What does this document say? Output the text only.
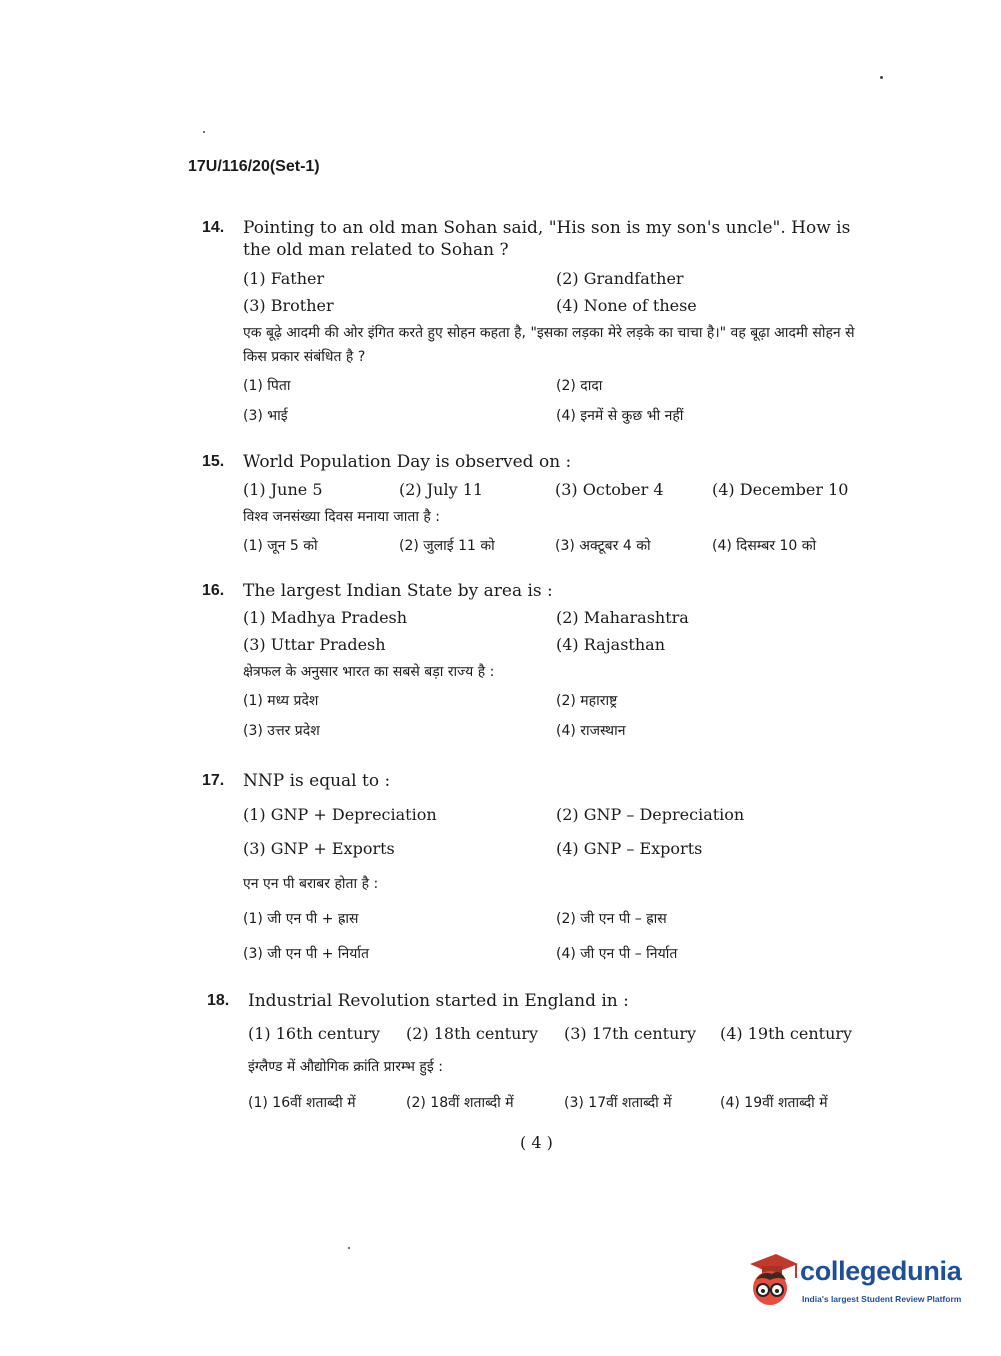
17U/116/20(Set-1)
14.	Pointing to an old man Sohan said, "His son is my son's uncle". How is the old man related to Sohan ?
(1) Father	(2) Grandfather
(3) Brother	(4) None of these
एक बूढ़े आदमी की ओर इंगित करते हुए सोहन कहता है, "इसका लड़का मेरे लड़के का चाचा है।" वह बूढ़ा आदमी सोहन से किस प्रकार संबंधित है ?
(1) पिता	(2) दादा
(3) भाई	(4) इनमें से कुछ भी नहीं
15.	World Population Day is observed on :
(1) June 5	(2) July 11	(3) October 4	(4) December 10
विश्व जनसंख्या दिवस मनाया जाता है :
(1) जून 5 को	(2) जुलाई 11 को	(3) अक्टूबर 4 को	(4) दिसम्बर 10 को
16.	The largest Indian State by area is :
(1) Madhya Pradesh	(2) Maharashtra
(3) Uttar Pradesh	(4) Rajasthan
क्षेत्रफल के अनुसार भारत का सबसे बड़ा राज्य है :
(1) मध्य प्रदेश	(2) महाराष्ट्र
(3) उत्तर प्रदेश	(4) राजस्थान
17.	NNP is equal to :
(1) GNP + Depreciation	(2) GNP – Depreciation
(3) GNP + Exports	(4) GNP – Exports
एन एन पी बराबर होता है :
(1) जी एन पी + ह्रास	(2) जी एन पी – ह्रास
(3) जी एन पी + निर्यात	(4) जी एन पी – निर्यात
18.	Industrial Revolution started in England in :
(1) 16th century	(2) 18th century	(3) 17th century	(4) 19th century
इंग्लैण्ड में औद्योगिक क्रांति प्रारम्भ हुई :
(1) 16वीं शताब्दी में	(2) 18वीं शताब्दी में	(3) 17वीं शताब्दी में	(4) 19वीं शताब्दी में
( 4 )
collegedunia
India's largest Student Review Platform
